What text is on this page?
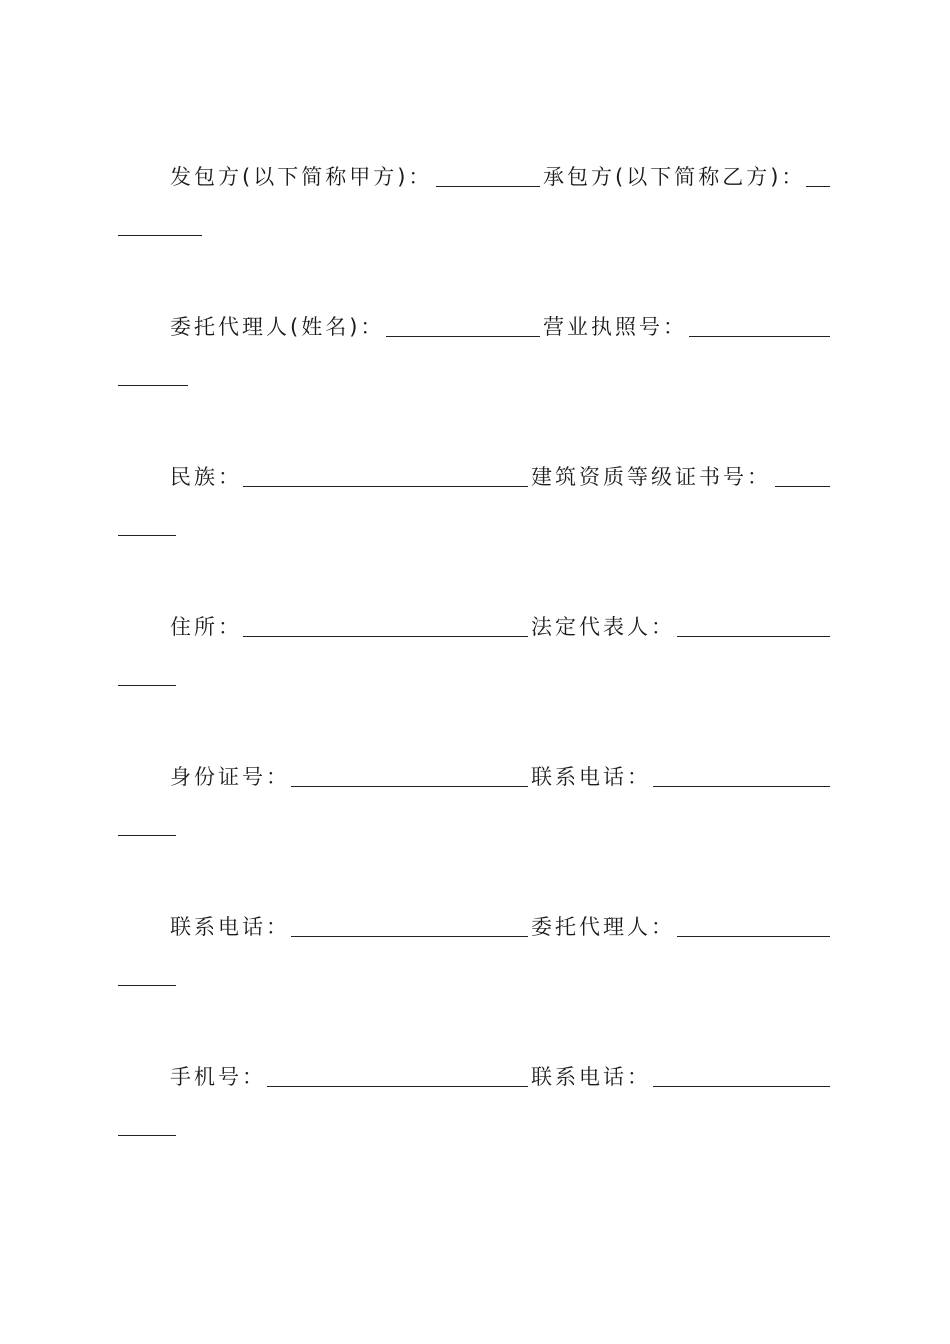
发包方(以下简称甲方)：	承包方(以下简称乙方)：
委托代理人(姓名)：	营业执照号：
民族：	建筑资质等级证书号：
住所：	法定代表人：
身份证号：	联系电话：
联系电话：	委托代理人：
手机号：	联系电话：
